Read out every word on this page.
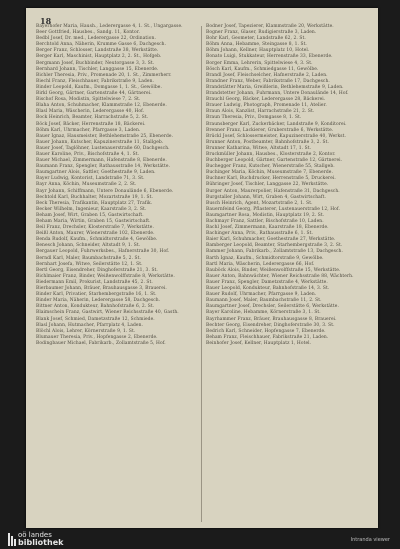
18
Bayerhofer Maria, Haush., Lederergasse 4, 1. St., Ungargasse.
Beer Gottfried, Hausbes., Sandg. 11, Kontor.
Bedbl Josef, Dr. med., Lederergasse 22, Ordination.
Berchtold Anna, Näherin, Krumme Gasse 6, Dachgesch.
Berger Franz, Schlosser, Landstraße 38, Werkstätte.
Berger Karl, Maschinist, Hauptplatz 2, 2. St., Hofgeb.
Bergmann Josef, Buchbinder, Neutorgasse 3, 3. St.
Bernhard Johann, Tischler, Langgasse 15, Ebenerde.
Bichler Theresia, Priv., Promenade 20, 1. St., Zimmerherr.
Biechl Franz, Fleischhauer, Fabrikstraße 9, Laden.
Binder Leopold, Kaufm., Domgasse 1, 1. St., Gewölbe.
Birkl Georg, Gärtner, Gartenstraße 44, Gärtnerei.
Bischof Rosa, Modistin, Spittelwiese 7, 2. St.
Blaha Anton, Schuhmacher, Klammstraße 12, Ebenerde.
Blasl Maria, Wäscherin, Lederergasse 40, Hof.
Bock Heinrich, Beamter, Harrachstraße 5, 2. St.
Böck Josef, Bäcker, Herrenstraße 18, Bäckerei.
Böhm Karl, Uhrmacher, Pfarrgasse 3, Laden.
Bauer Ignaz, Hausmeister, Bethlehemstraße 25, Ebenerde.
Bauer Johann, Kutscher, Kapuzinerstraße 11, Stallgeb.
Bauer Josef, Taglöhner, Lustenauerstraße 60, Dachgesch.
Bauer Karoline, Priv., Bischofstraße 4, 1. St.
Bauer Michael, Zimmermann, Hafenstraße 8, Ebenerde.
Baumann Franz, Spengler, Rathausstraße 14, Werkstätte.
Baumgartner Alois, Sattler, Goethestraße 9, Laden.
Bayer Ludwig, Kontorist, Landstraße 71, 3. St.
Bayr Anna, Köchin, Museumstraße 2, 2. St.
Bayr Johann, Schiffmann, Untere Donaulände 6, Ebenerde.
Bechtold Karl, Buchhalter, Mozartstraße 19, 1. St.
Beck Theresia, Trafikantin, Hauptplatz 27, Trafik.
Becker Wilhelm, Ingenieur, Kaarstraße 3, 2. St.
Beham Josef, Wirt, Graben 15, Gastwirtschaft.
Beham Maria, Wirtin, Graben 15, Gastwirtschaft.
Beil Franz, Drechsler, Klosterstraße 7, Werkstätte.
Beißl Anton, Maurer, Wienerstraße 102, Ebenerde.
Benda Rudolf, Kaufm., Schmidtorstraße 4, Gewölbe.
Benesch Johann, Schneider, Altstadt 9, 1. St.
Bergauer Leopold, Fuhrwerksbes., Hafnerstraße 30, Hof.
Berndl Karl, Maler, Baumbachstraße 5, 2. St.
Bernhart Josefa, Witwe, Seilerstätte 12, 1. St.
Bertl Georg, Eisendreher, Dinghoferstraße 21, 3. St.
Bichlmaier Franz, Binder, Weißenwolffstraße 8, Werkstätte.
Biedermann Emil, Prokurist, Landstraße 45, 2. St.
Bierbaumer Johann, Bräuer, Brauhausgasse 3, Brauerei.
Binder Karl, Privatier, Starhembergstraße 16, 1. St.
Binder Maria, Näherin, Lederergasse 58, Dachgesch.
Bittner Anton, Kondukteur, Bahnhofstraße 6, 2. St.
Blaimschein Franz, Gastwirt, Wiener Reichsstraße 40, Gasth.
Blank Josef, Schmied, Dametzstraße 12, Schmiede.
Blasl Johann, Hutmacher, Pfarrplatz 4, Laden.
Blöchl Alois, Lehrer, Körnerstraße 9, 1. St.
Blumauer Theresia, Priv., Hopfengasse 2, Ebenerde.
Bodingbauer Michael, Fabrikarb., Zollamtstraße 5, Hof.
Bodner Josef, Tapezierer, Klammstraße 20, Werkstätte.
Bogner Franz, Glaser, Rudigierstraße 3, Laden.
Bohr Karl, Geometer, Landstraße 62, 2. St.
Böhm Anna, Hebamme, Steingasse 8, 1. St.
Böhm Johann, Kellner, Hauptplatz 10, Hotel.
Bonato Luigi, Stukkateur, Herrenstraße 33, Ebenerde.
Borger Emma, Lehrerin, Spittelwiese 4, 3. St.
Bösch Karl, Kaufm., Schmiedgasse 11, Gewölbe.
Brandl Josef, Fleischselcher, Hafnerstraße 2, Laden.
Brandner Franz, Weber, Fabrikstraße 17, Dachgesch.
Brandstätter Maria, Greißlerin, Bethlehemstraße 9, Laden.
Brandstetter Johann, Fuhrmann, Untere Donaulände 14, Hof.
Brauchl Georg, Bäcker, Lederergasse 28, Bäckerei.
Brauer Ludwig, Photograph, Promenade 11, Atelier.
Braun Alois, Kanzlist, Harrachstraße 21, 2. St.
Braun Theresia, Priv., Domgasse 8, 1. St.
Braunsberger Karl, Zuckerbäcker, Landstraße 9, Konditorei.
Brenner Franz, Lackierer, Gruberstraße 6, Werkstätte.
Brückl Josef, Schlossermeister, Kapuzinerstraße 40, Werkst.
Brunner Anton, Postbeamter, Bahnhofstraße 3, 2. St.
Brunner Katharina, Witwe, Altstadt 17, 1. St.
Bruckmüller Johann, Hausbes., Klosterstraße 2, Kontor.
Buchberger Leopold, Gärtner, Gartenstraße 12, Gärtnerei.
Buchegger Franz, Kutscher, Wienerstraße 55, Stallgeb.
Buchinger Maria, Köchin, Museumstraße 7, Ebenerde.
Buchner Karl, Buchdrucker, Herrenstraße 5, Druckerei.
Bühringer Josef, Tischler, Langgasse 22, Werkstätte.
Burger Anton, Maurerpolier, Hafenstraße 31, Dachgesch.
Burgstaller Johann, Wirt, Graben 4, Gastwirtschaft.
Busch Heinrich, Agent, Mozartstraße 2, 1. St.
Bauernfeind Georg, Pflasterer, Lustenauerstraße 12, Hof.
Baumgartner Rosa, Modistin, Hauptplatz 19, 2. St.
Bachmayr Franz, Sattler, Bischofstraße 10, Laden.
Bachl Josef, Zimmermann, Kaarstraße 18, Ebenerde.
Bachinger Anna, Priv., Rathausstraße 6, 1. St.
Baier Karl, Schuhmacher, Goethestraße 27, Werkstätte.
Bamberger Leopold, Beamter, Starhembergstraße 3, 2. St.
Bammer Johann, Fabrikarb., Zollamtstraße 13, Dachgesch.
Barth Ignaz, Kaufm., Schmidtorstraße 9, Gewölbe.
Bartl Maria, Wäscherin, Lederergasse 66, Hof.
Bauböck Alois, Binder, Weißenwolffstraße 15, Werkstätte.
Bauer Anton, Bahnwächter, Wiener Reichsstraße 88, Wächterh.
Bauer Franz, Spengler, Dametzstraße 4, Werkstätte.
Bauer Leopold, Kondukteur, Bahnhofstraße 14, 3. St.
Bauer Rudolf, Uhrmacher, Pfarrgasse 9, Laden.
Baumann Josef, Maler, Baumbachstraße 11, 2. St.
Baumgartner Josef, Drechsler, Seilerstätte 6, Werkstätte.
Bayer Karoline, Hebamme, Körnerstraße 3, 1. St.
Bayrhammer Franz, Bräuer, Brauhausgasse 8, Brauerei.
Bechter Georg, Eisendreher, Dinghoferstraße 30, 3. St.
Bedrich Karl, Schneider, Hopfengasse 7, Ebenerde.
Beham Franz, Fleischhauer, Fabrikstraße 21, Laden.
Beinhofer Josef, Kellner, Hauptplatz 1, Hotel.
oö landes
bibliothek	Intranda viewer
